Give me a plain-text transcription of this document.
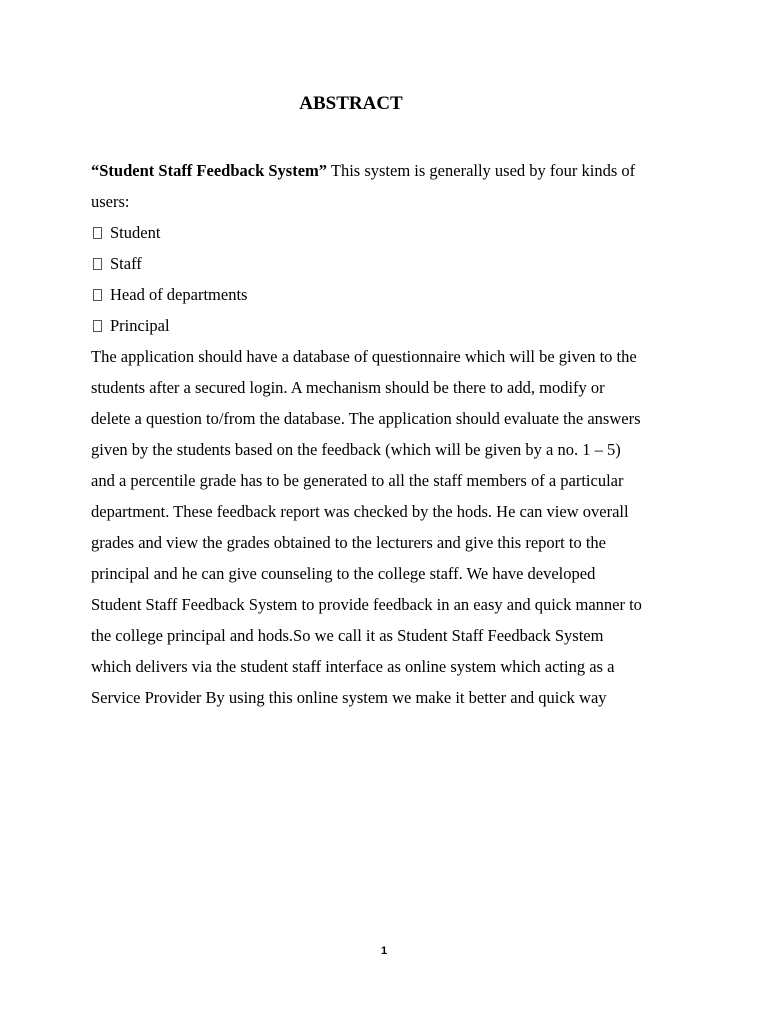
ABSTRACT
“Student Staff Feedback System” This system is generally used by four kinds of
users:
Student
Staff
Head of departments
Principal
The application should have a database of questionnaire which will be given to the
students after a secured login. A mechanism should be there to add, modify or
delete a question to/from the database. The application should evaluate the answers
given by the students based on the feedback (which will be given by a no. 1 – 5)
and a percentile grade has to be generated to all the staff members of a particular
department. These feedback report was checked by the hods. He can view overall
grades and view the grades obtained to the lecturers and give this report to the
principal and he can give counseling to the college staff. We have developed
Student Staff Feedback System to provide feedback in an easy and quick manner to
the college principal and hods.So we call it as Student Staff Feedback System
which delivers via the student staff interface as online system which acting as a
Service Provider By using this online system we make it better and quick way
1
